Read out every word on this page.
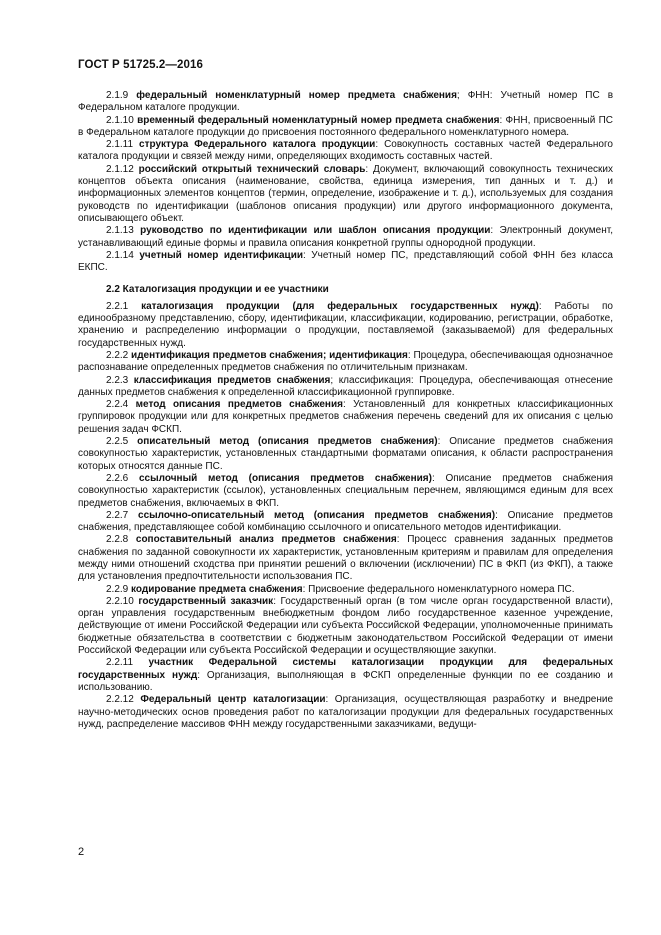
ГОСТ Р 51725.2—2016

2.1.9 федеральный номенклатурный номер предмета снабжения; ФНН: Учетный номер ПС в Федеральном каталоге продукции.

2.1.10 временный федеральный номенклатурный номер предмета снабжения: ФНН, присвоенный ПС в Федеральном каталоге продукции до присвоения постоянного федерального номенклатурного номера.

2.1.11 структура Федерального каталога продукции: Совокупность составных частей Федерального каталога продукции и связей между ними, определяющих входимость составных частей.

2.1.12 российский открытый технический словарь: Документ, включающий совокупность технических концептов объекта описания (наименование, свойства, единица измерения, тип данных и т. д.) и информационных элементов концептов (термин, определение, изображение и т. д.), используемых для создания руководств по идентификации (шаблонов описания продукции) или другого информационного документа, описывающего объект.

2.1.13 руководство по идентификации или шаблон описания продукции: Электронный документ, устанавливающий единые формы и правила описания конкретной группы однородной продукции.

2.1.14 учетный номер идентификации: Учетный номер ПС, представляющий собой ФНН без класса ЕКПС.

2.2 Каталогизация продукции и ее участники

2.2.1 каталогизация продукции (для федеральных государственных нужд): Работы по единообразному представлению, сбору, идентификации, классификации, кодированию, регистрации, обработке, хранению и распределению информации о продукции, поставляемой (заказываемой) для федеральных государственных нужд.

2.2.2 идентификация предметов снабжения; идентификация: Процедура, обеспечивающая однозначное распознавание определенных предметов снабжения по отличительным признакам.

2.2.3 классификация предметов снабжения; классификация: Процедура, обеспечивающая отнесение данных предметов снабжения к определенной классификационной группировке.

2.2.4 метод описания предметов снабжения: Установленный для конкретных классификационных группировок продукции или для конкретных предметов снабжения перечень сведений для их описания с целью решения задач ФСКП.

2.2.5 описательный метод (описания предметов снабжения): Описание предметов снабжения совокупностью характеристик, установленных стандартными форматами описания, к области распространения которых относятся данные ПС.

2.2.6 ссылочный метод (описания предметов снабжения): Описание предметов снабжения совокупностью характеристик (ссылок), установленных специальным перечнем, являющимся единым для всех предметов снабжения, включаемых в ФКП.

2.2.7 ссылочно-описательный метод (описания предметов снабжения): Описание предметов снабжения, представляющее собой комбинацию ссылочного и описательного методов идентификации.

2.2.8 сопоставительный анализ предметов снабжения: Процесс сравнения заданных предметов снабжения по заданной совокупности их характеристик, установленным критериям и правилам для определения между ними отношений сходства при принятии решений о включении (исключении) ПС в ФКП (из ФКП), а также для установления предпочтительности использования ПС.

2.2.9 кодирование предмета снабжения: Присвоение федерального номенклатурного номера ПС.

2.2.10 государственный заказчик: Государственный орган (в том числе орган государственной власти), орган управления государственным внебюджетным фондом либо государственное казенное учреждение, действующие от имени Российской Федерации или субъекта Российской Федерации, уполномоченные принимать бюджетные обязательства в соответствии с бюджетным законодательством Российской Федерации от имени Российской Федерации или субъекта Российской Федерации и осуществляющие закупки.

2.2.11 участник Федеральной системы каталогизации продукции для федеральных государственных нужд: Организация, выполняющая в ФСКП определенные функции по ее созданию и использованию.

2.2.12 Федеральный центр каталогизации: Организация, осуществляющая разработку и внедрение научно-методических основ проведения работ по каталогизации продукции для федеральных государственных нужд, распределение массивов ФНН между государственными заказчиками, ведущи-

2
